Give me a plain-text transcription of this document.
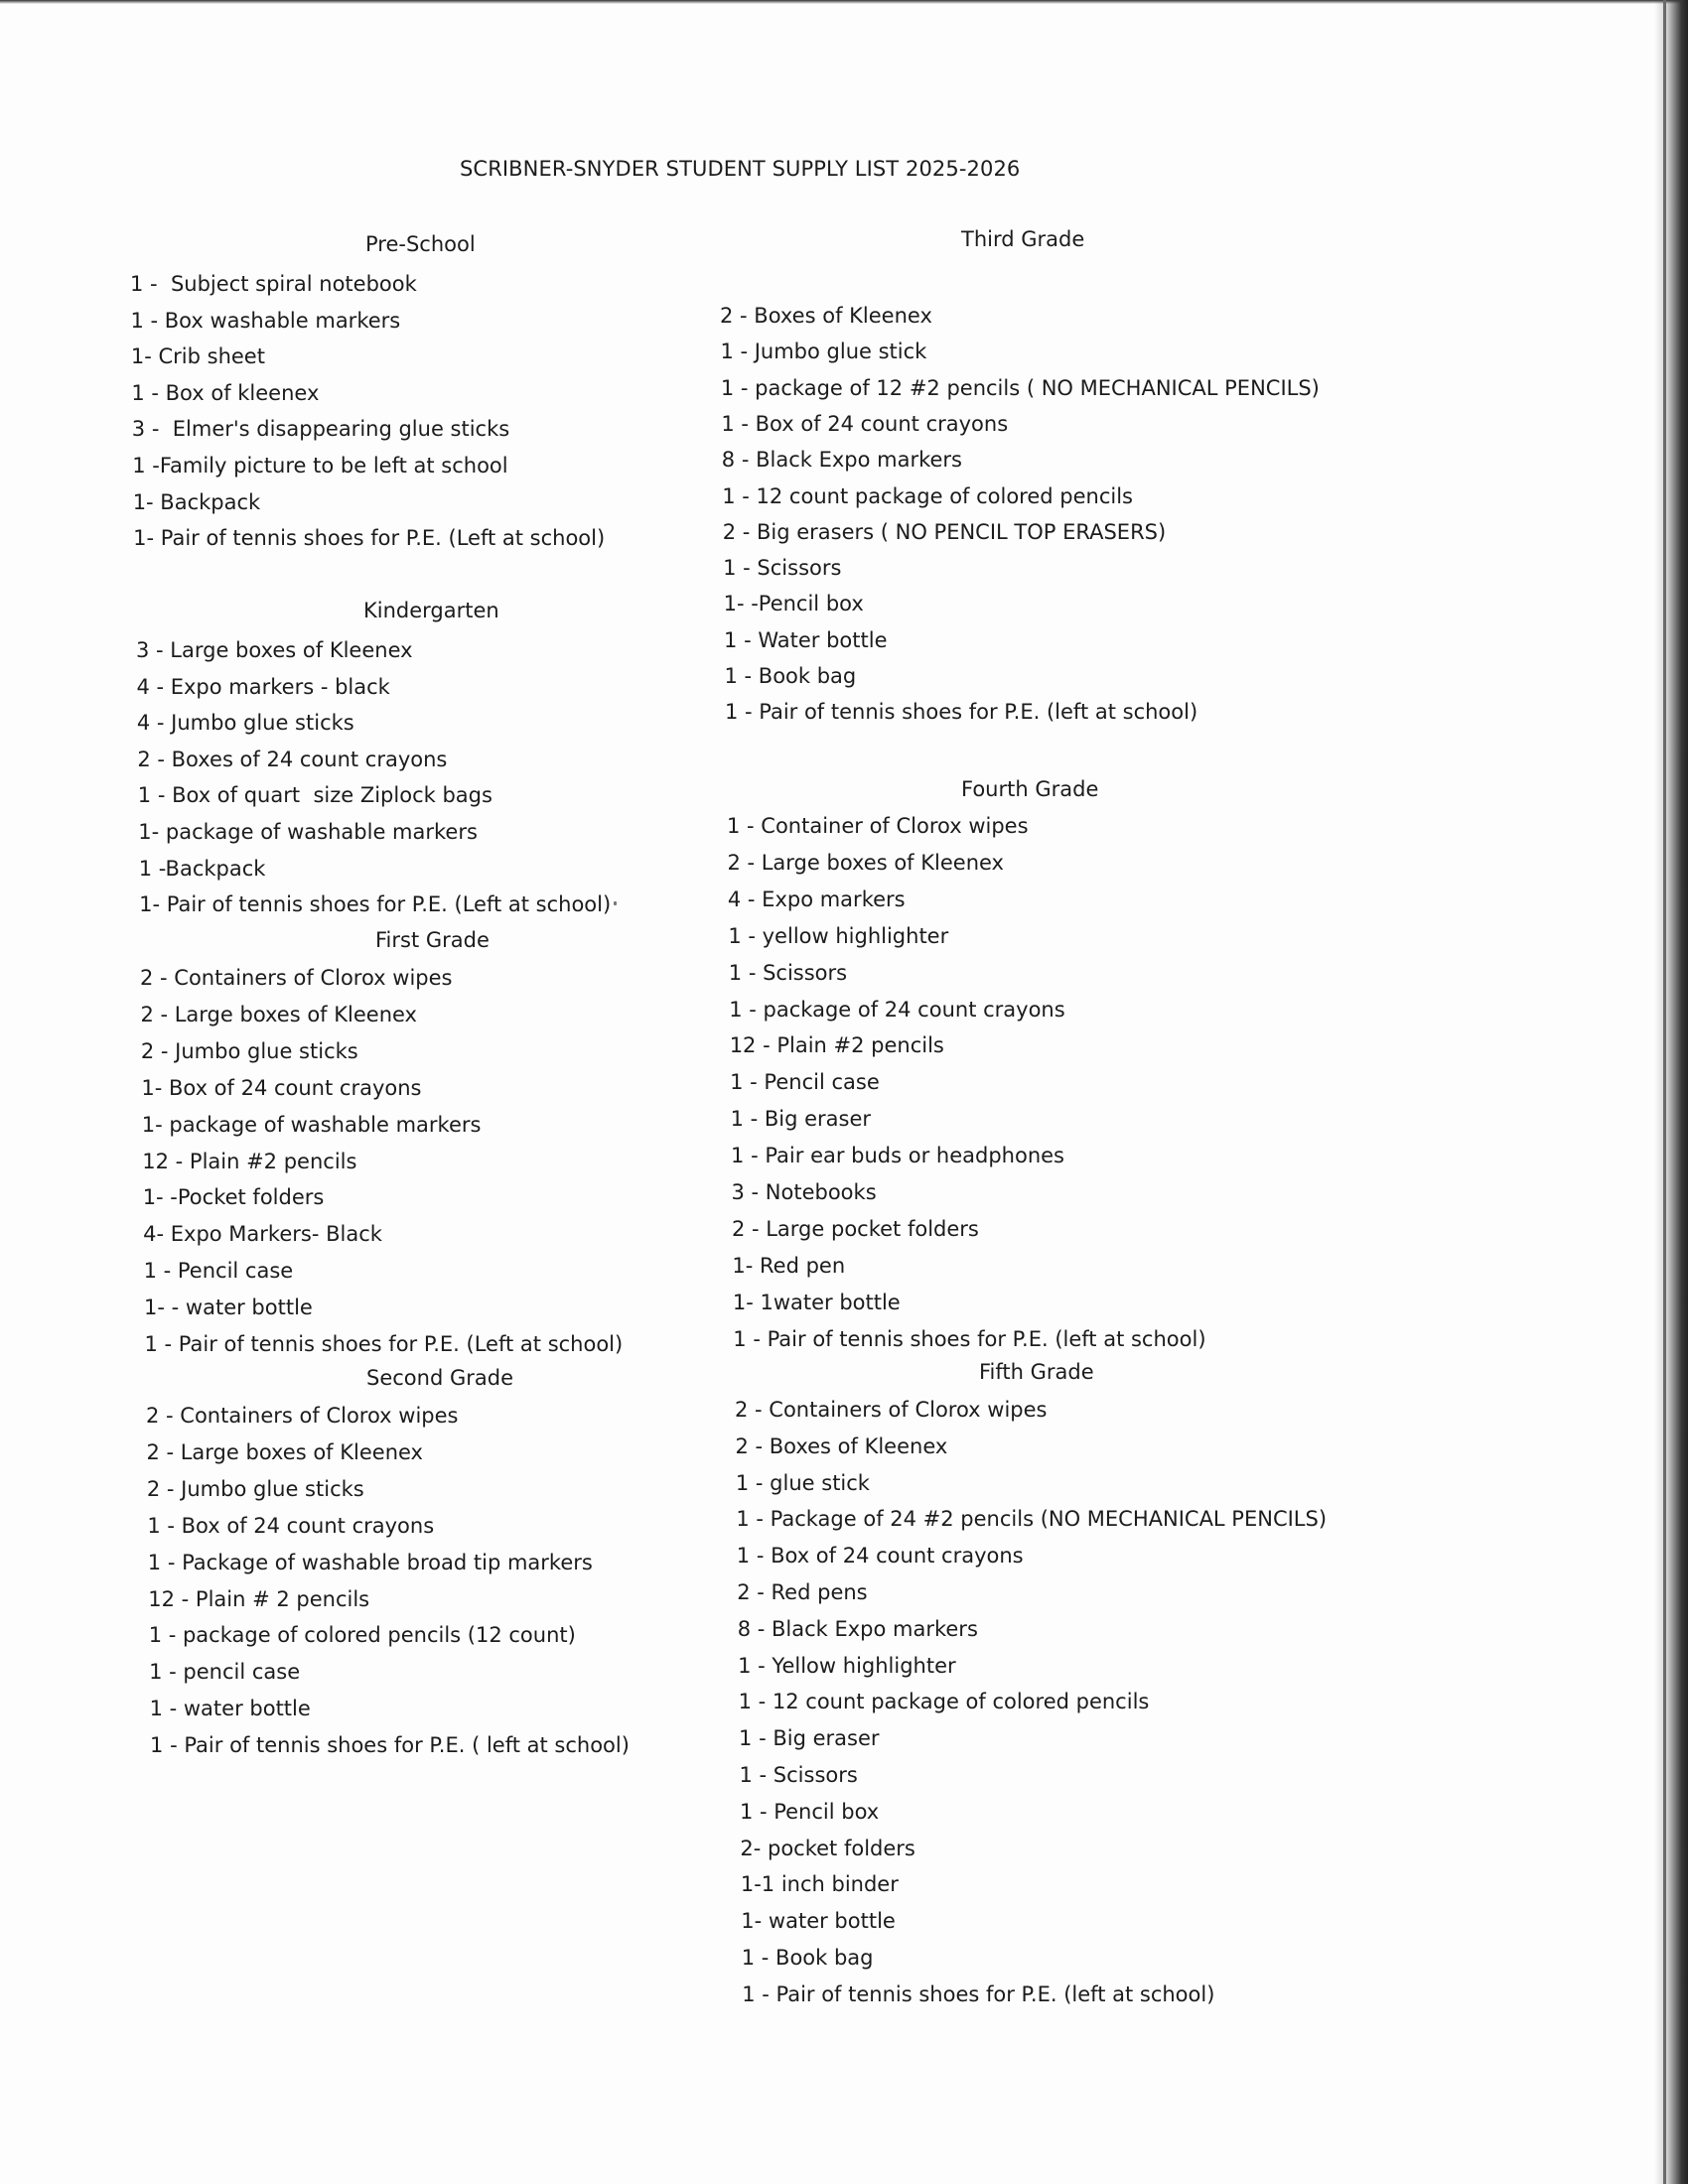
SCRIBNER-SNYDER STUDENT SUPPLY LIST 2025-2026
Pre-School
1 -  Subject spiral notebook
1 - Box washable markers
1- Crib sheet
1 - Box of kleenex
3 -  Elmer's disappearing glue sticks
1 -Family picture to be left at school
1- Backpack
1- Pair of tennis shoes for P.E. (Left at school)
Kindergarten
3 - Large boxes of Kleenex
4 - Expo markers - black
4 - Jumbo glue sticks
2 - Boxes of 24 count crayons
1 - Box of quart  size Ziplock bags
1- package of washable markers
1 -Backpack
1- Pair of tennis shoes for P.E. (Left at school)
First Grade
2 - Containers of Clorox wipes
2 - Large boxes of Kleenex
2 - Jumbo glue sticks
1- Box of 24 count crayons
1- package of washable markers
12 - Plain #2 pencils
1- -Pocket folders
4- Expo Markers- Black
1 - Pencil case
1- - water bottle
1 - Pair of tennis shoes for P.E. (Left at school)
Second Grade
2 - Containers of Clorox wipes
2 - Large boxes of Kleenex
2 - Jumbo glue sticks
1 - Box of 24 count crayons
1 - Package of washable broad tip markers
12 - Plain # 2 pencils
1 - package of colored pencils (12 count)
1 - pencil case
1 - water bottle
1 - Pair of tennis shoes for P.E. ( left at school)
Third Grade
2 - Boxes of Kleenex
1 - Jumbo glue stick
1 - package of 12 #2 pencils ( NO MECHANICAL PENCILS)
1 - Box of 24 count crayons
8 - Black Expo markers
1 - 12 count package of colored pencils
2 - Big erasers ( NO PENCIL TOP ERASERS)
1 - Scissors
1- -Pencil box
1 - Water bottle
1 - Book bag
1 - Pair of tennis shoes for P.E. (left at school)
Fourth Grade
1 - Container of Clorox wipes
2 - Large boxes of Kleenex
4 - Expo markers
1 - yellow highlighter
1 - Scissors
1 - package of 24 count crayons
12 - Plain #2 pencils
1 - Pencil case
1 - Big eraser
1 - Pair ear buds or headphones
3 - Notebooks
2 - Large pocket folders
1- Red pen
1- 1water bottle
1 - Pair of tennis shoes for P.E. (left at school)
Fifth Grade
2 - Containers of Clorox wipes
2 - Boxes of Kleenex
1 - glue stick
1 - Package of 24 #2 pencils (NO MECHANICAL PENCILS)
1 - Box of 24 count crayons
2 - Red pens
8 - Black Expo markers
1 - Yellow highlighter
1 - 12 count package of colored pencils
1 - Big eraser
1 - Scissors
1 - Pencil box
2- pocket folders
1-1 inch binder
1- water bottle
1 - Book bag
1 - Pair of tennis shoes for P.E. (left at school)
